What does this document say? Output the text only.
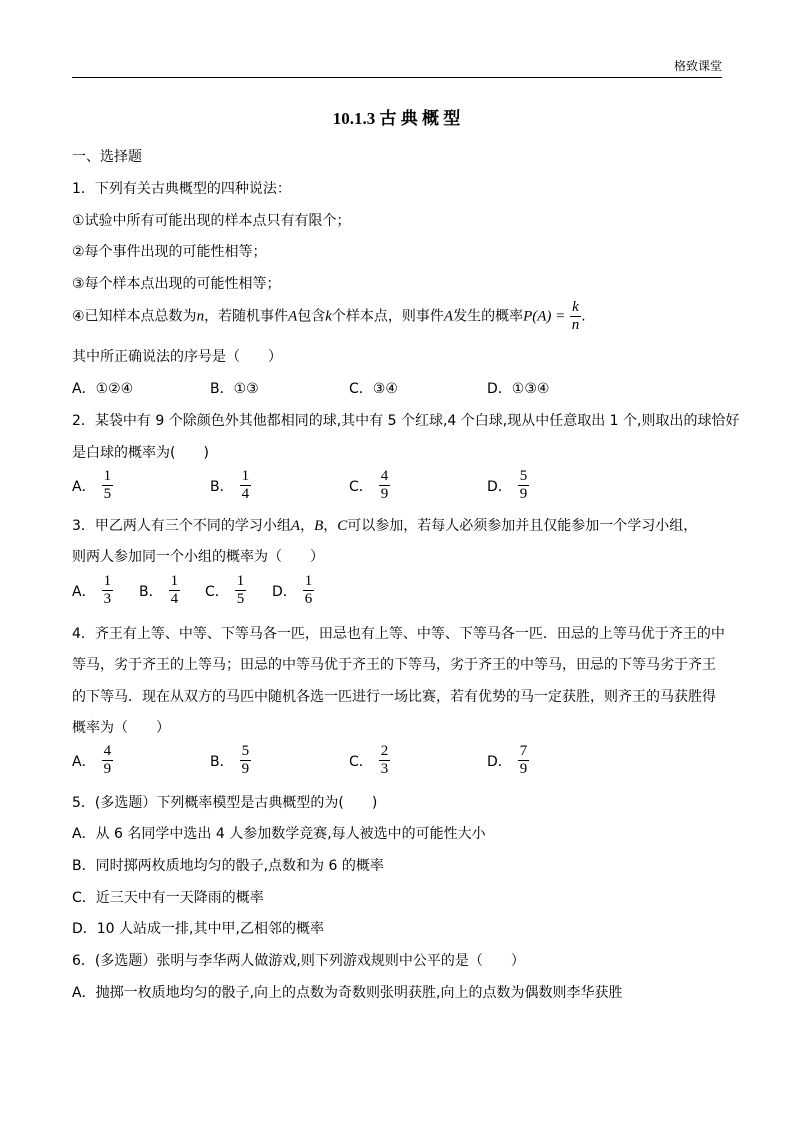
格致课堂
10.1.3 古 典 概 型
一、选择题
1．下列有关古典概型的四种说法：
①试验中所有可能出现的样本点只有有限个；
②每个事件出现的可能性相等；
③每个样本点出现的可能性相等；
④已知样本点总数为n，若随机事件A包含k个样本点，则事件A发生的概率$P(A) = \frac{k}{n}$ .
其中所正确说法的序号是（　　）
A．①②④	B．①③	C．③④	D．①③④
2．某袋中有 9 个除颜色外其他都相同的球,其中有 5 个红球,4 个白球,现从中任意取出 1 个,则取出的球恰好
是白球的概率为(　　)
A． $\frac{1}{5}$	B． $\frac{1}{4}$	C． $\frac{4}{9}$	D． $\frac{5}{9}$
3．甲乙两人有三个不同的学习小组A，B，C可以参加，若每人必须参加并且仅能参加一个学习小组，
则两人参加同一个小组的概率为（　　）
A． $\frac{1}{3}$ B． $\frac{1}{4}$ C． $\frac{1}{5}$ D． $\frac{1}{6}$
4．齐王有上等、中等、下等马各一匹，田忌也有上等、中等、下等马各一匹．田忌的上等马优于齐王的中
等马，劣于齐王的上等马；田忌的中等马优于齐王的下等马，劣于齐王的中等马，田忌的下等马劣于齐王
的下等马．现在从双方的马匹中随机各选一匹进行一场比赛，若有优势的马一定获胜，则齐王的马获胜得
概率为（　　）
A． $\frac{4}{9}$	B． $\frac{5}{9}$	C． $\frac{2}{3}$	D． $\frac{7}{9}$
5．(多选题）下列概率模型是古典概型的为(　　)
A．从 6 名同学中选出 4 人参加数学竞赛,每人被选中的可能性大小
B．同时掷两枚质地均匀的骰子,点数和为 6 的概率
C．近三天中有一天降雨的概率
D．10 人站成一排,其中甲,乙相邻的概率
6．(多选题）张明与李华两人做游戏,则下列游戏规则中公平的是（　　）
A．抛掷一枚质地均匀的骰子,向上的点数为奇数则张明获胜,向上的点数为偶数则李华获胜
